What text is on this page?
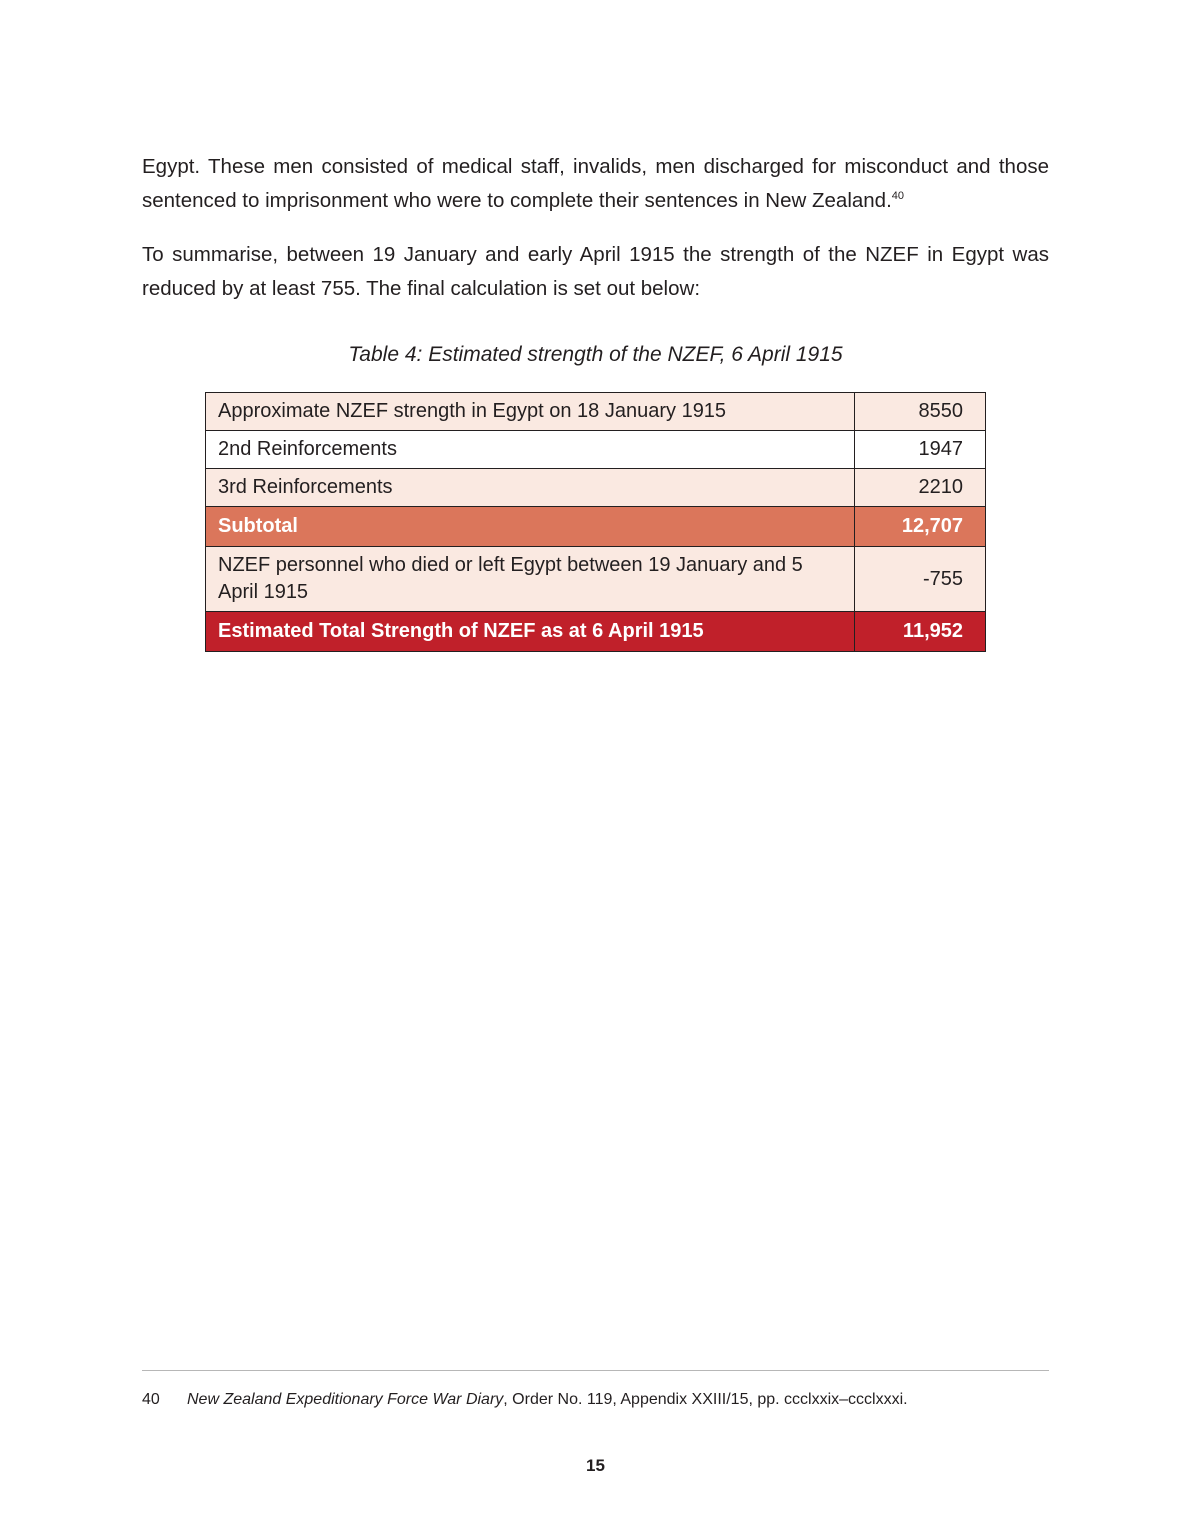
Egypt. These men consisted of medical staff, invalids, men discharged for misconduct and those sentenced to imprisonment who were to complete their sentences in New Zealand.$^{40}$

To summarise, between 19 January and early April 1915 the strength of the NZEF in Egypt was reduced by at least 755. The final calculation is set out below:

Table 4: Estimated strength of the NZEF, 6 April 1915

Approximate NZEF strength in Egypt on 18 January 1915	8550
2nd Reinforcements	1947
3rd Reinforcements	2210
Subtotal	12,707
NZEF personnel who died or left Egypt between 19 January and 5 April 1915	-755
Estimated Total Strength of NZEF as at 6 April 1915	11,952
40 New Zealand Expeditionary Force War Diary, Order No. 119, Appendix XXIII/15, pp. ccclxxix–ccclxxxi.
15
